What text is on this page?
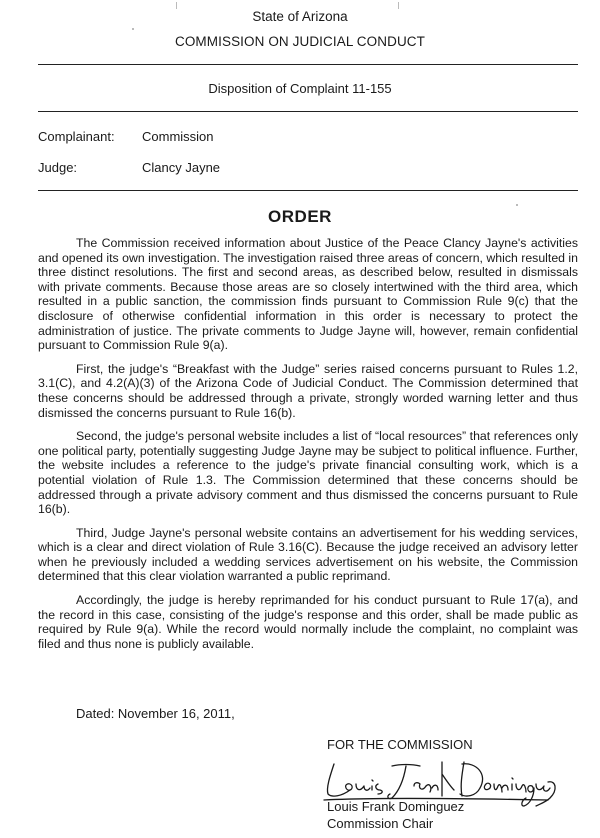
State of Arizona
COMMISSION ON JUDICIAL CONDUCT
Disposition of Complaint 11-155
Complainant: Commission
Judge:	Clancy Jayne
ORDER

The Commission received information about Justice of the Peace Clancy Jayne's activities and opened its own investigation. The investigation raised three areas of concern, which resulted in three distinct resolutions. The first and second areas, as described below, resulted in dismissals with private comments. Because those areas are so closely intertwined with the third area, which resulted in a public sanction, the commission finds pursuant to Commission Rule 9(c) that the disclosure of otherwise confidential information in this order is necessary to protect the administration of justice. The private comments to Judge Jayne will, however, remain confidential pursuant to Commission Rule 9(a).

First, the judge's “Breakfast with the Judge” series raised concerns pursuant to Rules 1.2, 3.1(C), and 4.2(A)(3) of the Arizona Code of Judicial Conduct. The Commission determined that these concerns should be addressed through a private, strongly worded warning letter and thus dismissed the concerns pursuant to Rule 16(b).

Second, the judge's personal website includes a list of “local resources” that references only one political party, potentially suggesting Judge Jayne may be subject to political influence. Further, the website includes a reference to the judge's private financial consulting work, which is a potential violation of Rule 1.3. The Commission determined that these concerns should be addressed through a private advisory comment and thus dismissed the concerns pursuant to Rule 16(b).

Third, Judge Jayne's personal website contains an advertisement for his wedding services, which is a clear and direct violation of Rule 3.16(C). Because the judge received an advisory letter when he previously included a wedding services advertisement on his website, the Commission determined that this clear violation warranted a public reprimand.

Accordingly, the judge is hereby reprimanded for his conduct pursuant to Rule 17(a), and the record in this case, consisting of the judge's response and this order, shall be made public as required by Rule 9(a). While the record would normally include the complaint, no complaint was filed and thus none is publicly available.

Dated: November 16, 2011,
FOR THE COMMISSION
Louis Frank Dominguez
Commission Chair
